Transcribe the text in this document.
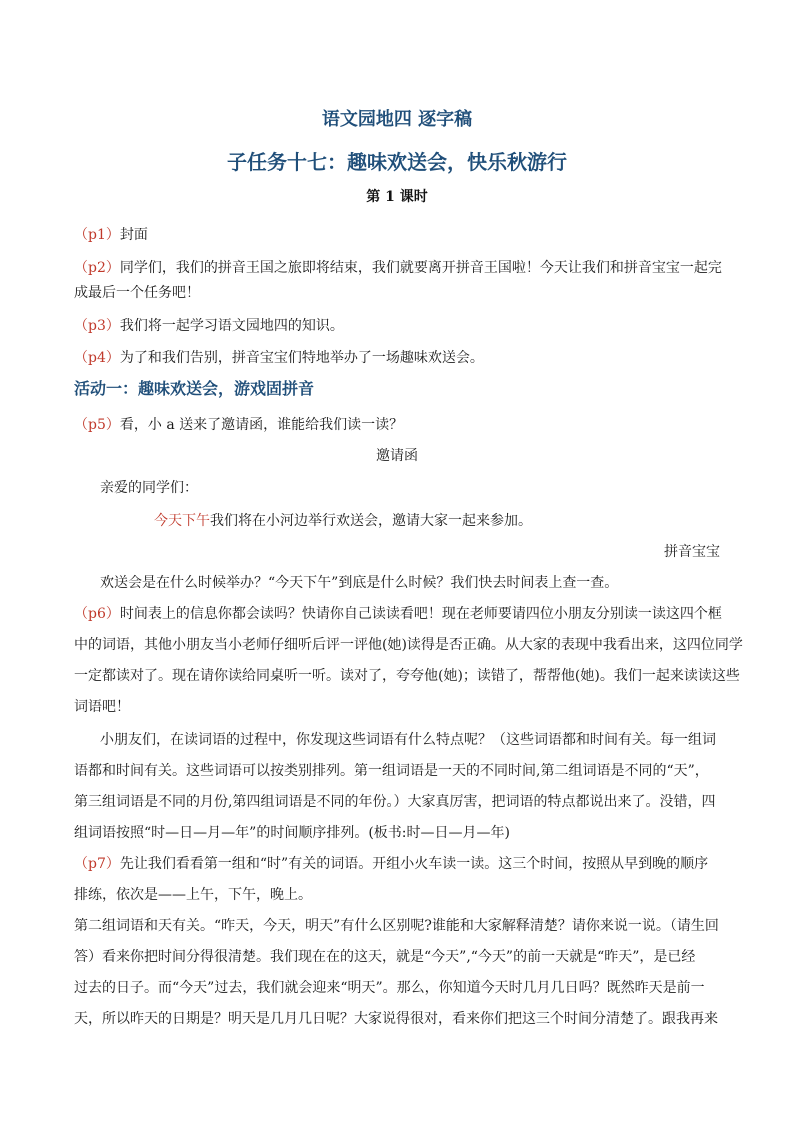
语文园地四 逐字稿
子任务十七：趣味欢送会，快乐秋游行
第 1 课时
（p1）封面
（p2）同学们，我们的拼音王国之旅即将结束，我们就要离开拼音王国啦！今天让我们和拼音宝宝一起完
成最后一个任务吧！
（p3）我们将一起学习语文园地四的知识。
（p4）为了和我们告别，拼音宝宝们特地举办了一场趣味欢送会。
活动一：趣味欢送会，游戏固拼音
（p5）看，小 a 送来了邀请函，谁能给我们读一读？
邀请函
亲爱的同学们：
今天下午我们将在小河边举行欢送会，邀请大家一起来参加。
拼音宝宝
欢送会是在什么时候举办？“今天下午”到底是什么时候？我们快去时间表上查一查。
（p6）时间表上的信息你都会读吗？快请你自己读读看吧！现在老师要请四位小朋友分别读一读这四个框
中的词语，其他小朋友当小老师仔细听后评一评他(她)读得是否正确。从大家的表现中我看出来，这四位同学
一定都读对了。现在请你读给同桌听一听。读对了，夸夸他(她)；读错了，帮帮他(她)。我们一起来读读这些
词语吧！
小朋友们，在读词语的过程中，你发现这些词语有什么特点呢？（这些词语都和时间有关。每一组词
语都和时间有关。这些词语可以按类别排列。第一组词语是一天的不同时间,第二组词语是不同的“天”，
第三组词语是不同的月份,第四组词语是不同的年份。）大家真厉害，把词语的特点都说出来了。没错，四
组词语按照“时—日—月—年”的时间顺序排列。(板书:时—日—月—年)
（p7）先让我们看看第一组和“时”有关的词语。开组小火车读一读。这三个时间，按照从早到晚的顺序
排练，依次是——上午，下午，晚上。
第二组词语和天有关。“昨天，今天，明天”有什么区别呢?谁能和大家解释清楚？请你来说一说。（请生回
答）看来你把时间分得很清楚。我们现在在的这天，就是“今天”,“今天”的前一天就是“昨天”，是已经
过去的日子。而“今天”过去，我们就会迎来“明天”。那么，你知道今天时几月几日吗？既然昨天是前一
天，所以昨天的日期是？明天是几月几日呢？大家说得很对，看来你们把这三个时间分清楚了。跟我再来
